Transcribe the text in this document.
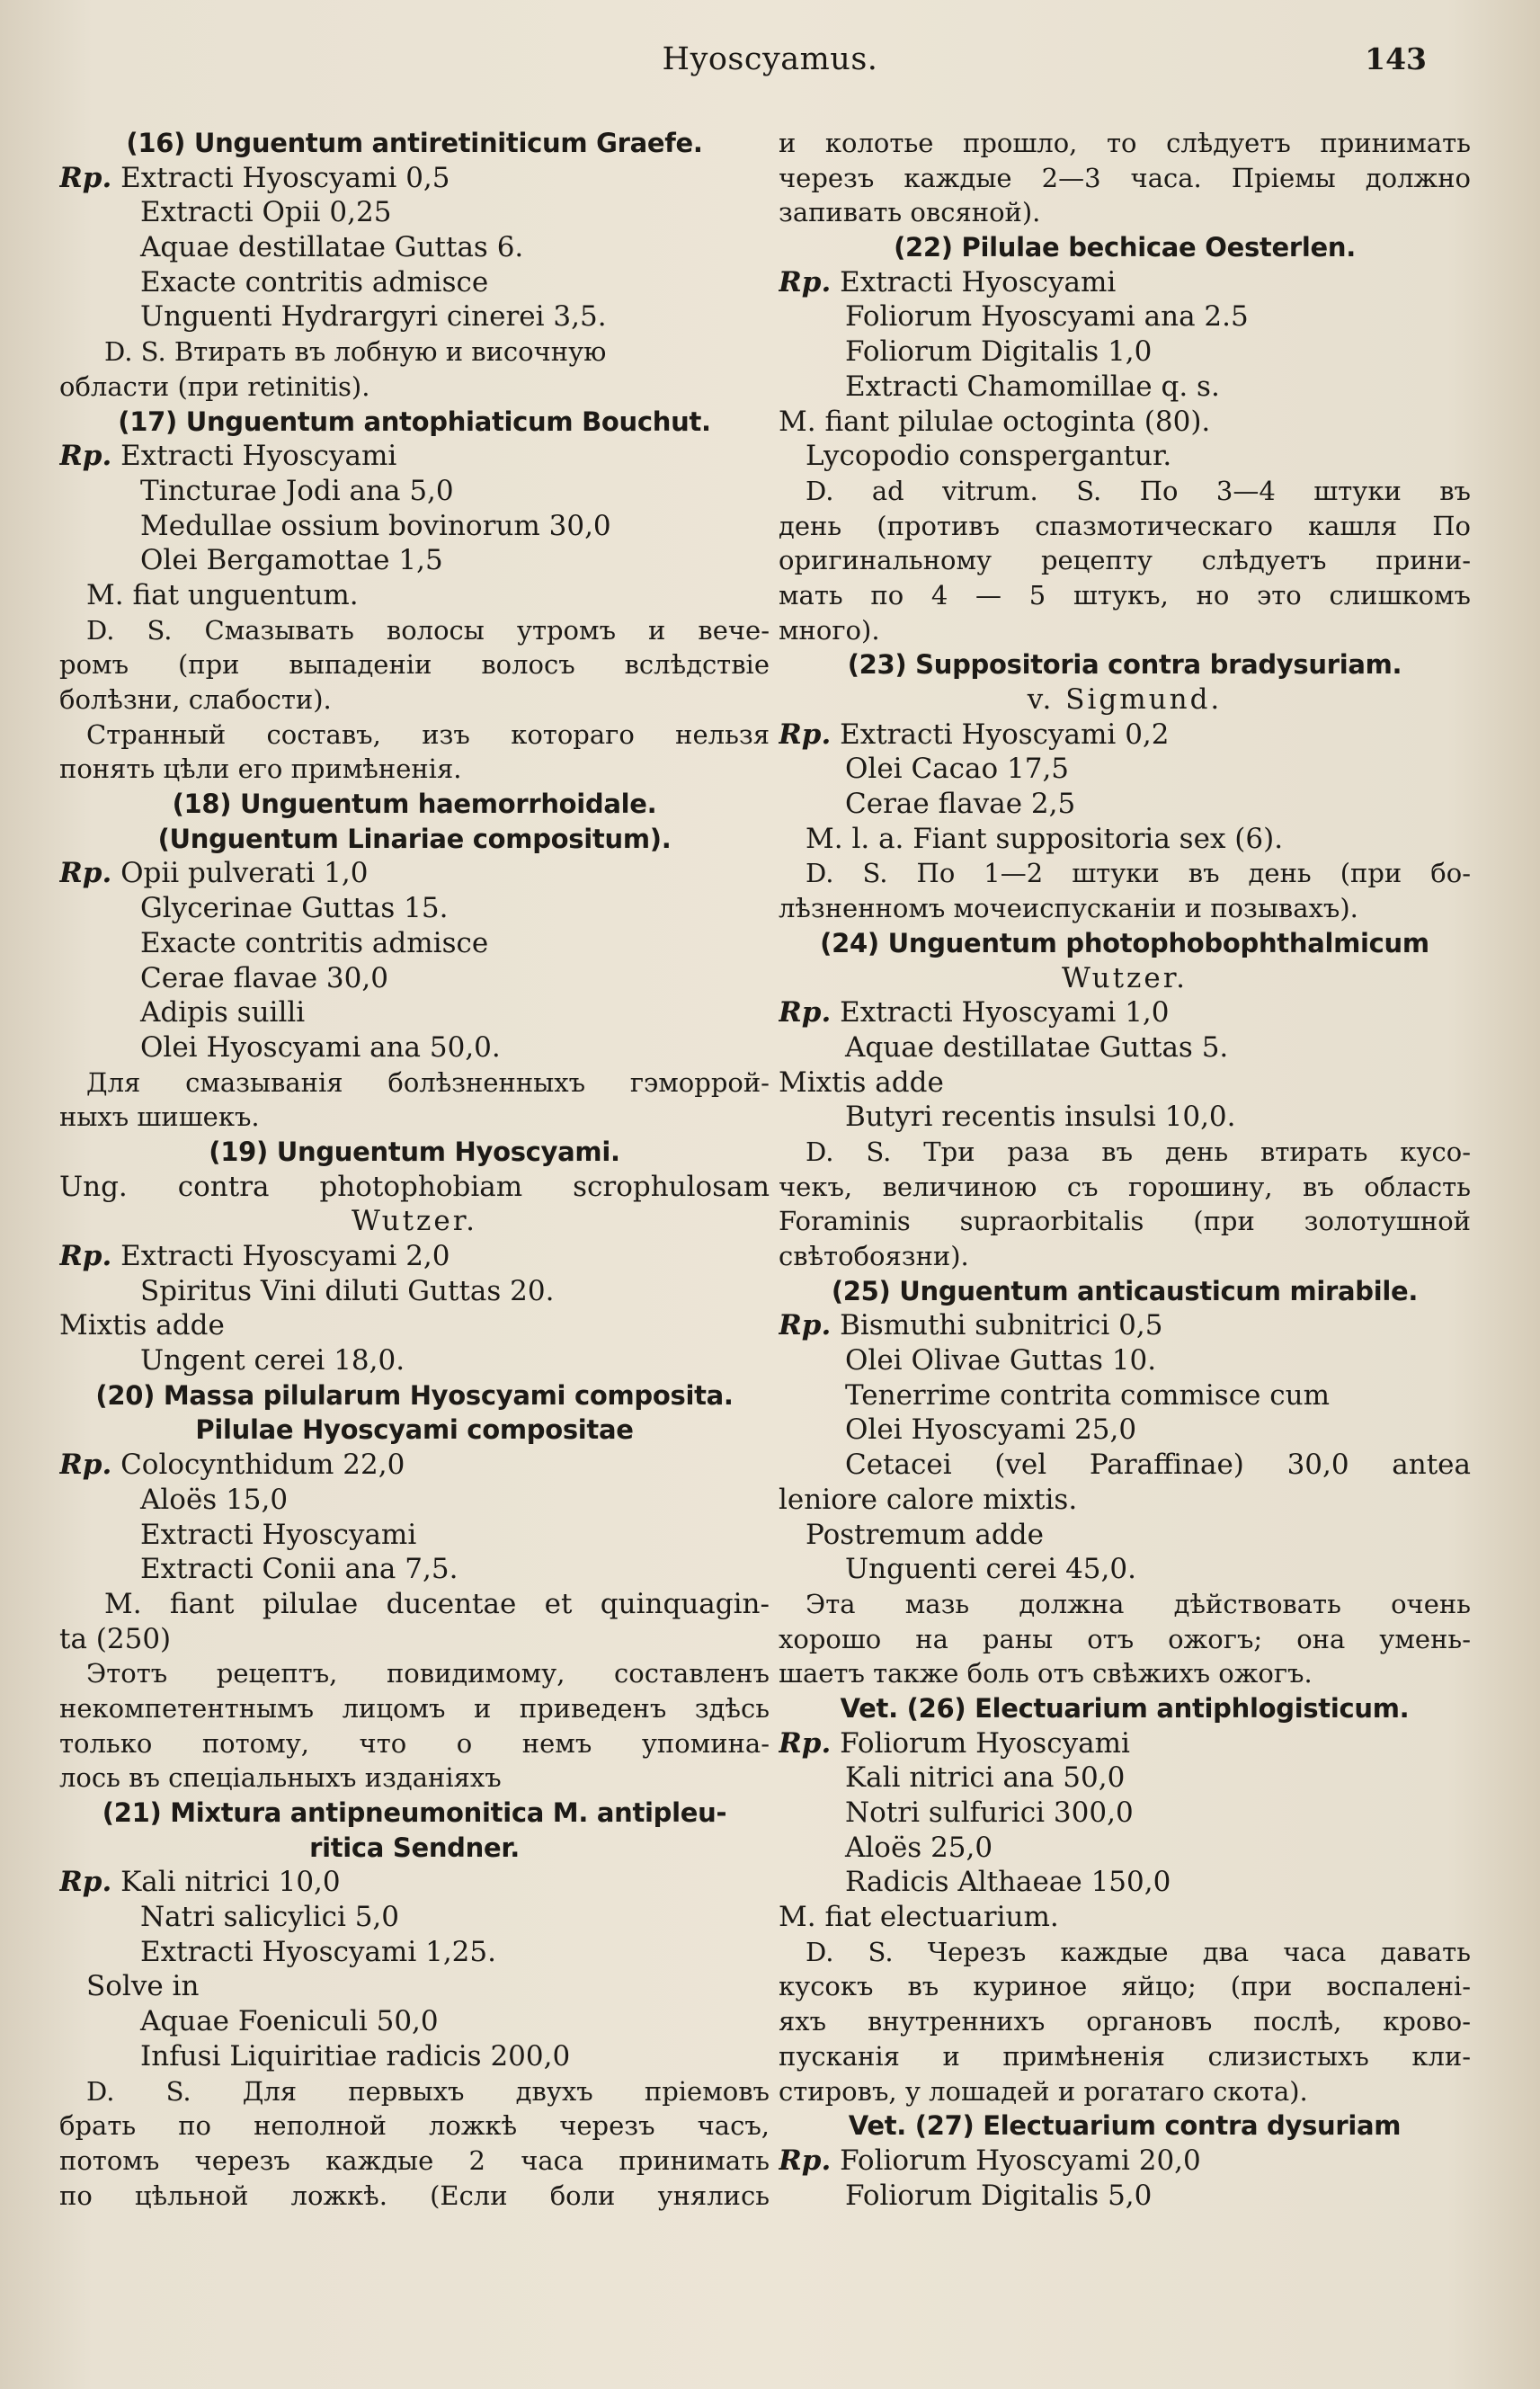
Hyoscyamus.	143
(16) Unguentum antiretiniticum Graefe.
Rp. Extracti Hyoscyami 0,5
Extracti Opii 0,25
Aquae destillatae Guttas 6.
Exacte contritis admisce
Unguenti Hydrargyri cinerei 3,5.
D. S. Втирать въ лобную и височную
области (при retinitis).
(17) Unguentum antophiaticum Bouchut.
Rp. Extracti Hyoscyami
Tincturae Jodi ana 5,0
Medullae ossium bovinorum 30,0
Olei Bergamottae 1,5
M. fiat unguentum.
D. S. Смазывать волосы утромъ и вече-
ромъ (при выпаденіи волосъ вслѣдствіе
болѣзни, слабости).
Странный составъ, изъ котораго нельзя
понять цѣли его примѣненія.
(18) Unguentum haemorrhoidale.
(Unguentum Linariae compositum).
Rp. Opii pulverati 1,0
Glycerinae Guttas 15.
Exacte contritis admisce
Cerae flavae 30,0
Adipis suilli
Olei Hyoscyami ana 50,0.
Для смазыванія болѣзненныхъ гэморрой-
ныхъ шишекъ.
(19) Unguentum Hyoscyami.
Ung. contra photophobiam scrophulosam
Wutzer.
Rp. Extracti Hyoscyami 2,0
Spiritus Vini diluti Guttas 20.
Mixtis adde
Ungent cerei 18,0.
(20) Massa pilularum Hyoscyami composita.
Pilulae Hyoscyami compositae
Rp. Colocynthidum 22,0
Aloës 15,0
Extracti Hyoscyami
Extracti Conii ana 7,5.
M. fiant pilulae ducentae et quinquagin-
ta (250)
Этотъ рецептъ, повидимому, составленъ
некомпетентнымъ лицомъ и приведенъ здѣсь
только потому, что о немъ упомина-
лось въ спеціальныхъ изданіяхъ
(21) Mixtura antipneumonitica M. antipleu-
ritica Sendner.
Rp. Kali nitrici 10,0
Natri salicylici 5,0
Extracti Hyoscyami 1,25.
Solve in
Aquae Foeniculi 50,0
Infusi Liquiritiae radicis 200,0
D. S. Для первыхъ двухъ пріемовъ
брать по неполной ложкѣ черезъ часъ,
потомъ черезъ каждые 2 часа принимать
по цѣльной ложкѣ. (Если боли унялись
и колотье прошло, то слѣдуетъ принимать
черезъ каждые 2—3 часа. Пріемы должно
запивать овсяной).
(22) Pilulae bechicae Oesterlen.
Rp. Extracti Hyoscyami
Foliorum Hyoscyami ana 2.5
Foliorum Digitalis 1,0
Extracti Chamomillae q. s.
M. fiant pilulae octoginta (80).
Lycopodio conspergantur.
D. ad vitrum. S. По 3—4 штуки въ
день (противъ спазмотическаго кашля По
оригинальному рецепту слѣдуетъ прини-
мать по 4 — 5 штукъ, но это слишкомъ
много).
(23) Suppositoria contra bradysuriam.
v. Sigmund.
Rp. Extracti Hyoscyami 0,2
Olei Cacao 17,5
Cerae flavae 2,5
M. l. a. Fiant suppositoria sex (6).
D. S. По 1—2 штуки въ день (при бо-
лѣзненномъ мочеиспусканіи и позывахъ).
(24) Unguentum photophobophthalmicum
Wutzer.
Rp. Extracti Hyoscyami 1,0
Aquae destillatae Guttas 5.
Mixtis adde
Butyri recentis insulsi 10,0.
D. S. Три раза въ день втирать кусо-
чекъ, величиною съ горошину, въ область
Foraminis supraorbitalis (при золотушной
свѣтобоязни).
(25) Unguentum anticausticum mirabile.
Rp. Bismuthi subnitrici 0,5
Olei Olivae Guttas 10.
Tenerrime contrita commisce cum
Olei Hyoscyami 25,0
Cetacei (vel Paraffinae) 30,0 antea
leniore calore mixtis.
Postremum adde
Unguenti cerei 45,0.
Эта мазь должна дѣйствовать очень
хорошо на раны отъ ожогъ; она умень-
шаетъ также боль отъ свѣжихъ ожогъ.
Vet. (26) Electuarium antiphlogisticum.
Rp. Foliorum Hyoscyami
Kali nitrici ana 50,0
Notri sulfurici 300,0
Aloës 25,0
Radicis Althaeae 150,0
M. fiat electuarium.
D. S. Черезъ каждые два часа давать
кусокъ въ куриное яйцо; (при воспалені-
яхъ внутреннихъ органовъ послѣ, крово-
пусканія и примѣненія слизистыхъ кли-
стировъ, у лошадей и рогатаго скота).
Vet. (27) Electuarium contra dysuriam
Rp. Foliorum Hyoscyami 20,0
Foliorum Digitalis 5,0
